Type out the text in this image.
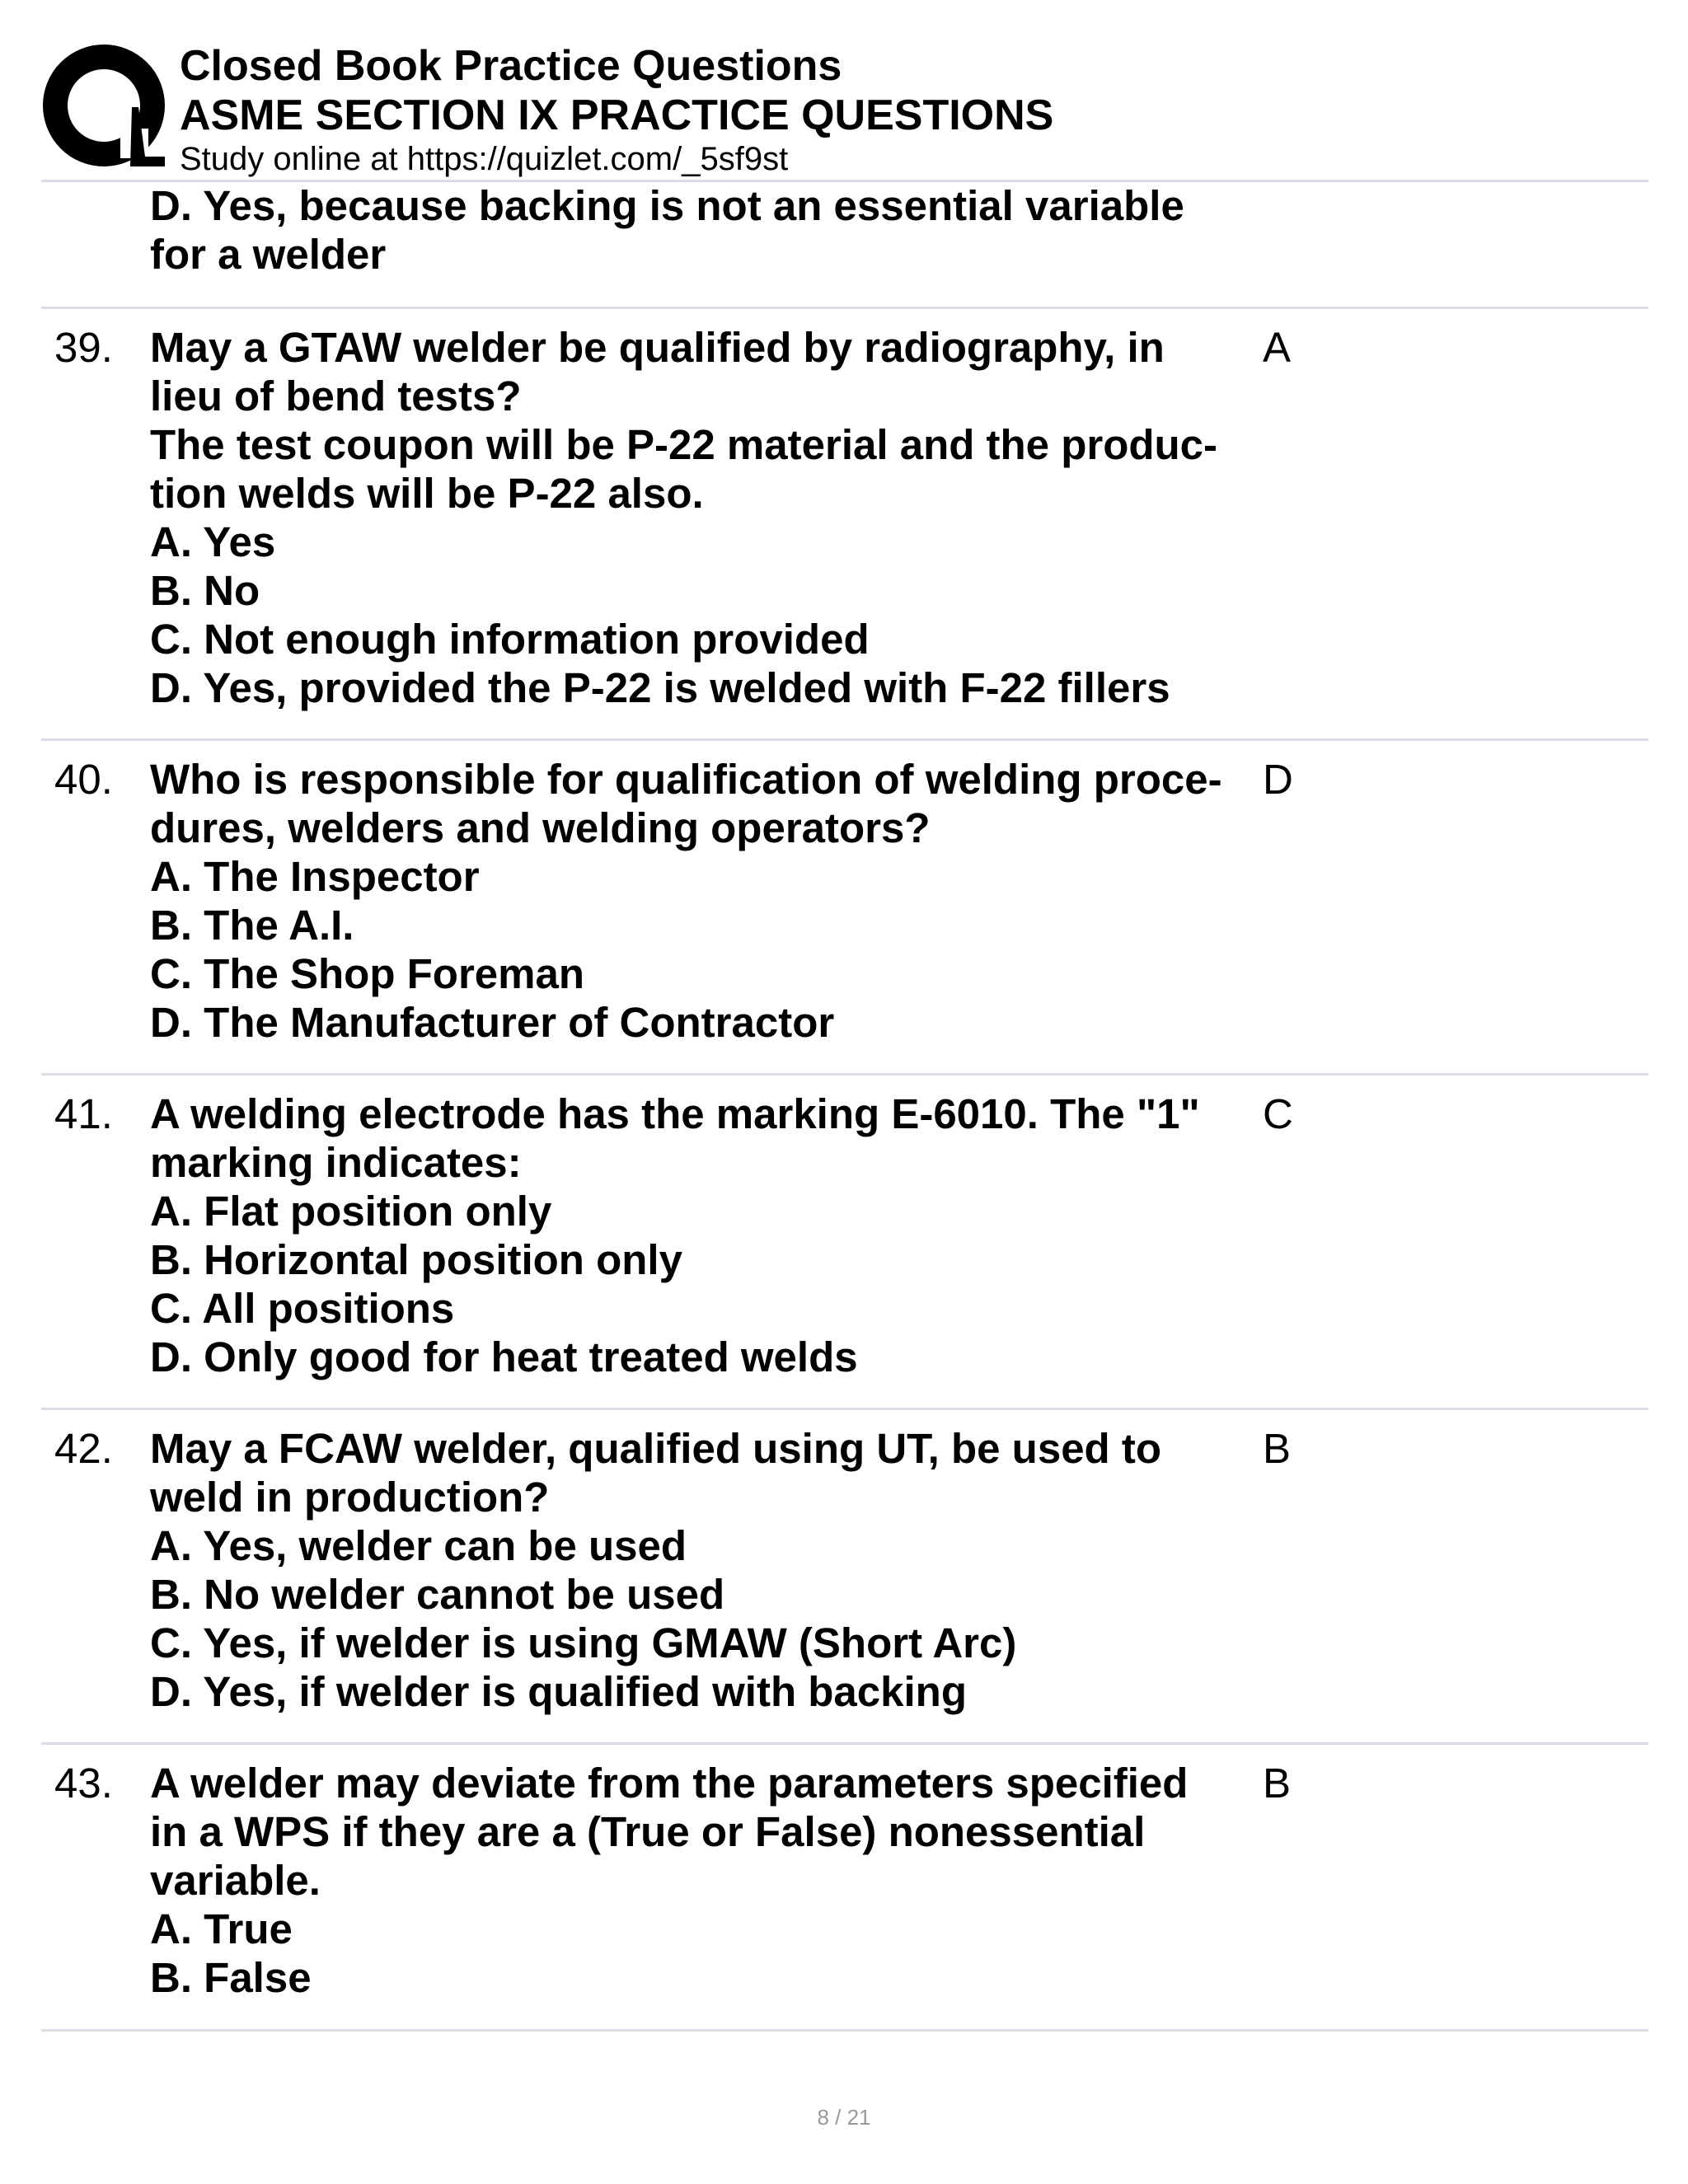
Closed Book Practice Questions
ASME SECTION IX PRACTICE QUESTIONS
Study online at https://quizlet.com/_5sf9st
D. Yes, because backing is not an essential variable
for a welder
39. May a GTAW welder be qualified by radiography, in
lieu of bend tests?
The test coupon will be P-22 material and the produc-
tion welds will be P-22 also.
A. Yes
B. No
C. Not enough information provided
D. Yes, provided the P-22 is welded with F-22 fillers
A
40. Who is responsible for qualification of welding proce-
dures, welders and welding operators?
A. The Inspector
B. The A.I.
C. The Shop Foreman
D. The Manufacturer of Contractor
D
41. A welding electrode has the marking E-6010. The "1"
marking indicates:
A. Flat position only
B. Horizontal position only
C. All positions
D. Only good for heat treated welds
C
42. May a FCAW welder, qualified using UT, be used to
weld in production?
A. Yes, welder can be used
B. No welder cannot be used
C. Yes, if welder is using GMAW (Short Arc)
D. Yes, if welder is qualified with backing
B
43. A welder may deviate from the parameters specified
in a WPS if they are a (True or False) nonessential
variable.
A. True
B. False
B
8 / 21
